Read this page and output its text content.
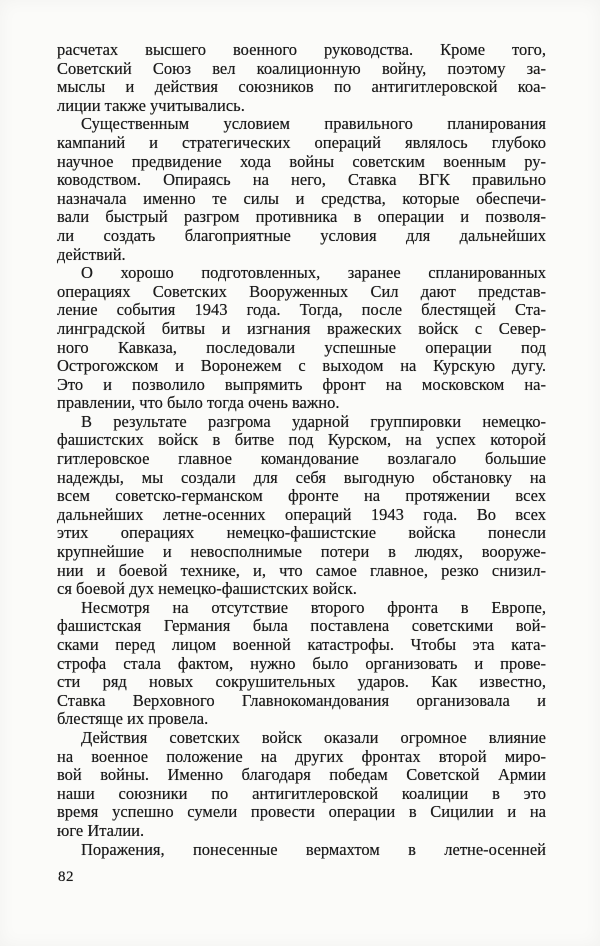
расчетах высшего военного руководства. Кроме того,
Советский Союз вел коалиционную войну, поэтому за-
мыслы и действия союзников по антигитлеровской коа-
лиции также учитывались.
Существенным условием правильного планирования
кампаний и стратегических операций являлось глубоко
научное предвидение хода войны советским военным ру-
ководством. Опираясь на него, Ставка ВГК правильно
назначала именно те силы и средства, которые обеспечи-
вали быстрый разгром противника в операции и позволя-
ли создать благоприятные условия для дальнейших
действий.
О хорошо подготовленных, заранее спланированных
операциях Советских Вооруженных Сил дают представ-
ление события 1943 года. Тогда, после блестящей Ста-
линградской битвы и изгнания вражеских войск с Север-
ного Кавказа, последовали успешные операции под
Острогожском и Воронежем с выходом на Курскую дугу.
Это и позволило выпрямить фронт на московском на-
правлении, что было тогда очень важно.
В результате разгрома ударной группировки немецко-
фашистских войск в битве под Курском, на успех которой
гитлеровское главное командование возлагало большие
надежды, мы создали для себя выгодную обстановку на
всем советско-германском фронте на протяжении всех
дальнейших летне-осенних операций 1943 года. Во всех
этих операциях немецко-фашистские войска понесли
крупнейшие и невосполнимые потери в людях, вооруже-
нии и боевой технике, и, что самое главное, резко снизил-
ся боевой дух немецко-фашистских войск.
Несмотря на отсутствие второго фронта в Европе,
фашистская Германия была поставлена советскими вой-
сками перед лицом военной катастрофы. Чтобы эта ката-
строфа стала фактом, нужно было организовать и прове-
сти ряд новых сокрушительных ударов. Как известно,
Ставка Верховного Главнокомандования организовала и
блестяще их провела.
Действия советских войск оказали огромное влияние
на военное положение на других фронтах второй миро-
вой войны. Именно благодаря победам Советской Армии
наши союзники по антигитлеровской коалиции в это
время успешно сумели провести операции в Сицилии и на
юге Италии.
Поражения, понесенные вермахтом в летне-осенней
82
